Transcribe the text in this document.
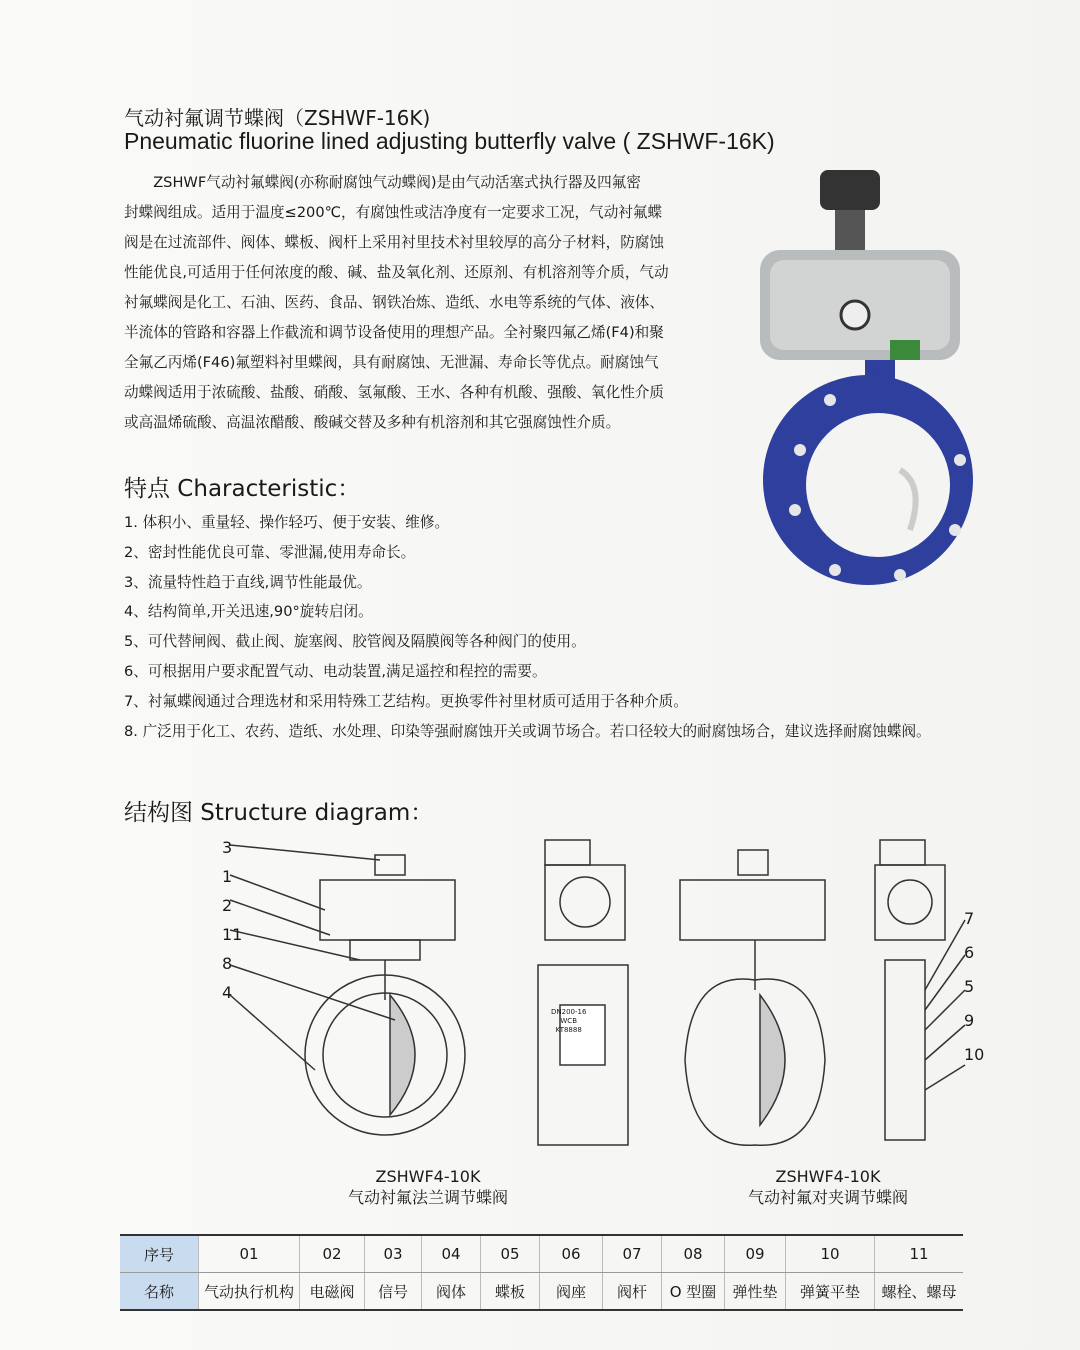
气动衬氟调节蝶阀（ZSHWF-16K)
Pneumatic fluorine lined adjusting butterfly valve ( ZSHWF-16K)
　　ZSHWF气动衬氟蝶阀(亦称耐腐蚀气动蝶阀)是由气动活塞式执行器及四氟密
封蝶阀组成。适用于温度≤200℃，有腐蚀性或洁净度有一定要求工况，气动衬氟蝶
阀是在过流部件、阀体、蝶板、阀杆上采用衬里技术衬里较厚的高分子材料，防腐蚀
性能优良,可适用于任何浓度的酸、碱、盐及氧化剂、还原剂、有机溶剂等介质，气动
衬氟蝶阀是化工、石油、医药、食品、钢铁冶炼、造纸、水电等系统的气体、液体、
半流体的管路和容器上作截流和调节设备使用的理想产品。全衬聚四氟乙烯(F4)和聚
全氟乙丙烯(F46)氟塑料衬里蝶阀，具有耐腐蚀、无泄漏、寿命长等优点。耐腐蚀气
动蝶阀适用于浓硫酸、盐酸、硝酸、氢氟酸、王水、各种有机酸、强酸、氧化性介质
或高温烯硫酸、高温浓醋酸、酸碱交替及多种有机溶剂和其它强腐蚀性介质。
特点 Characteristic：
1. 体积小、重量轻、操作轻巧、便于安装、维修。
2、密封性能优良可靠、零泄漏,使用寿命长。
3、流量特性趋于直线,调节性能最优。
4、结构简单,开关迅速,90°旋转启闭。
5、可代替闸阀、截止阀、旋塞阀、胶管阀及隔膜阀等各种阀门的使用。
6、可根据用户要求配置气动、电动装置,满足遥控和程控的需要。
7、衬氟蝶阀通过合理选材和采用特殊工艺结构。更换零件衬里材质可适用于各种介质。
8. 广泛用于化工、农药、造纸、水处理、印染等强耐腐蚀开关或调节场合。若口径较大的耐腐蚀场合，建议选择耐腐蚀蝶阀。
结构图 Structure diagram：
3
1
2
11
8
4
DN200-16
WCB
KT8888
7
6
5
9
10
ZSHWF4-10K
气动衬氟法兰调节蝶阀
ZSHWF4-10K
气动衬氟对夹调节蝶阀
序号	01	02	03	04	05	06	07	08	09	10	11
名称	气动执行机构	电磁阀	信号	阀体	蝶板	阀座	阀杆	O 型圈	弹性垫	弹簧平垫	螺栓、螺母
